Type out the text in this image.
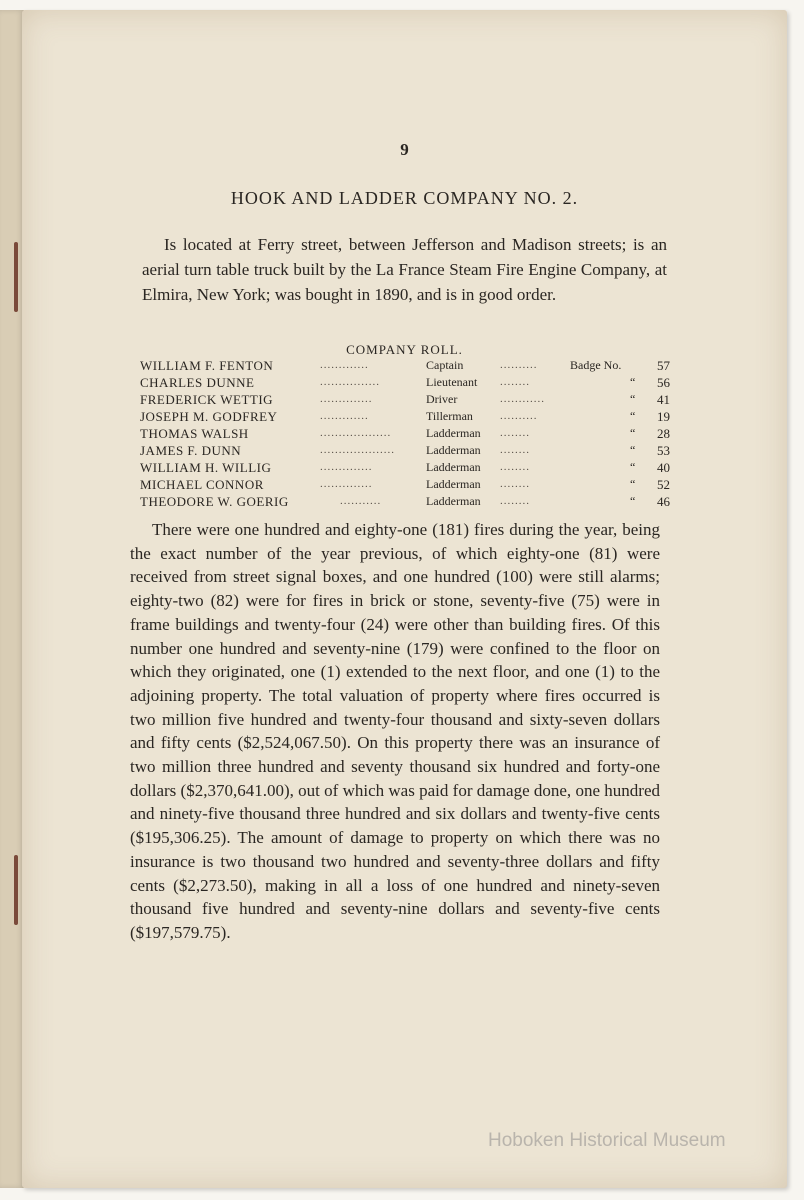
9
HOOK AND LADDER COMPANY NO. 2.
Is located at Ferry street, between Jefferson and Madison streets; is an aerial turn table truck built by the La France Steam Fire Engine Company, at Elmira, New York; was bought in 1890, and is in good order.
COMPANY ROLL.
WILLIAM F. FENTON	.............	Captain	..........	Badge No.	57
CHARLES DUNNE	................	Lieutenant ........	“	56
FREDERICK WETTIG	..............	Driver	............	“	41
JOSEPH M. GODFREY	.............	Tillerman ..........	“	19
THOMAS WALSH	...................	Ladderman ........	“	28
JAMES F. DUNN	....................	Ladderman ........	“	53
WILLIAM H. WILLIG	..............	Ladderman ........	“	40
MICHAEL CONNOR	..............	Ladderman ........	“	52
THEODORE W. GOERIG	...........	Ladderman ........	“	46
There were one hundred and eighty-one (181) fires during the year, being the exact number of the year previous, of which eighty-one (81) were received from street signal boxes, and one hundred (100) were still alarms; eighty-two (82) were for fires in brick or stone, seventy-five (75) were in frame buildings and twenty-four (24) were other than building fires. Of this number one hundred and seventy-nine (179) were confined to the floor on which they originated, one (1) extended to the next floor, and one (1) to the adjoining property. The total valuation of property where fires occurred is two million five hundred and twenty-four thousand and sixty-seven dollars and fifty cents ($2,524,067.50). On this property there was an insurance of two million three hundred and seventy thousand six hundred and forty-one dollars ($2,370,641.00), out of which was paid for damage done, one hundred and ninety-five thousand three hundred and six dollars and twenty-five cents ($195,306.25). The amount of damage to property on which there was no insurance is two thousand two hundred and seventy-three dollars and fifty cents ($2,273.50), making in all a loss of one hundred and ninety-seven thousand five hundred and seventy-nine dollars and seventy-five cents ($197,579.75).
Hoboken Historical Museum
